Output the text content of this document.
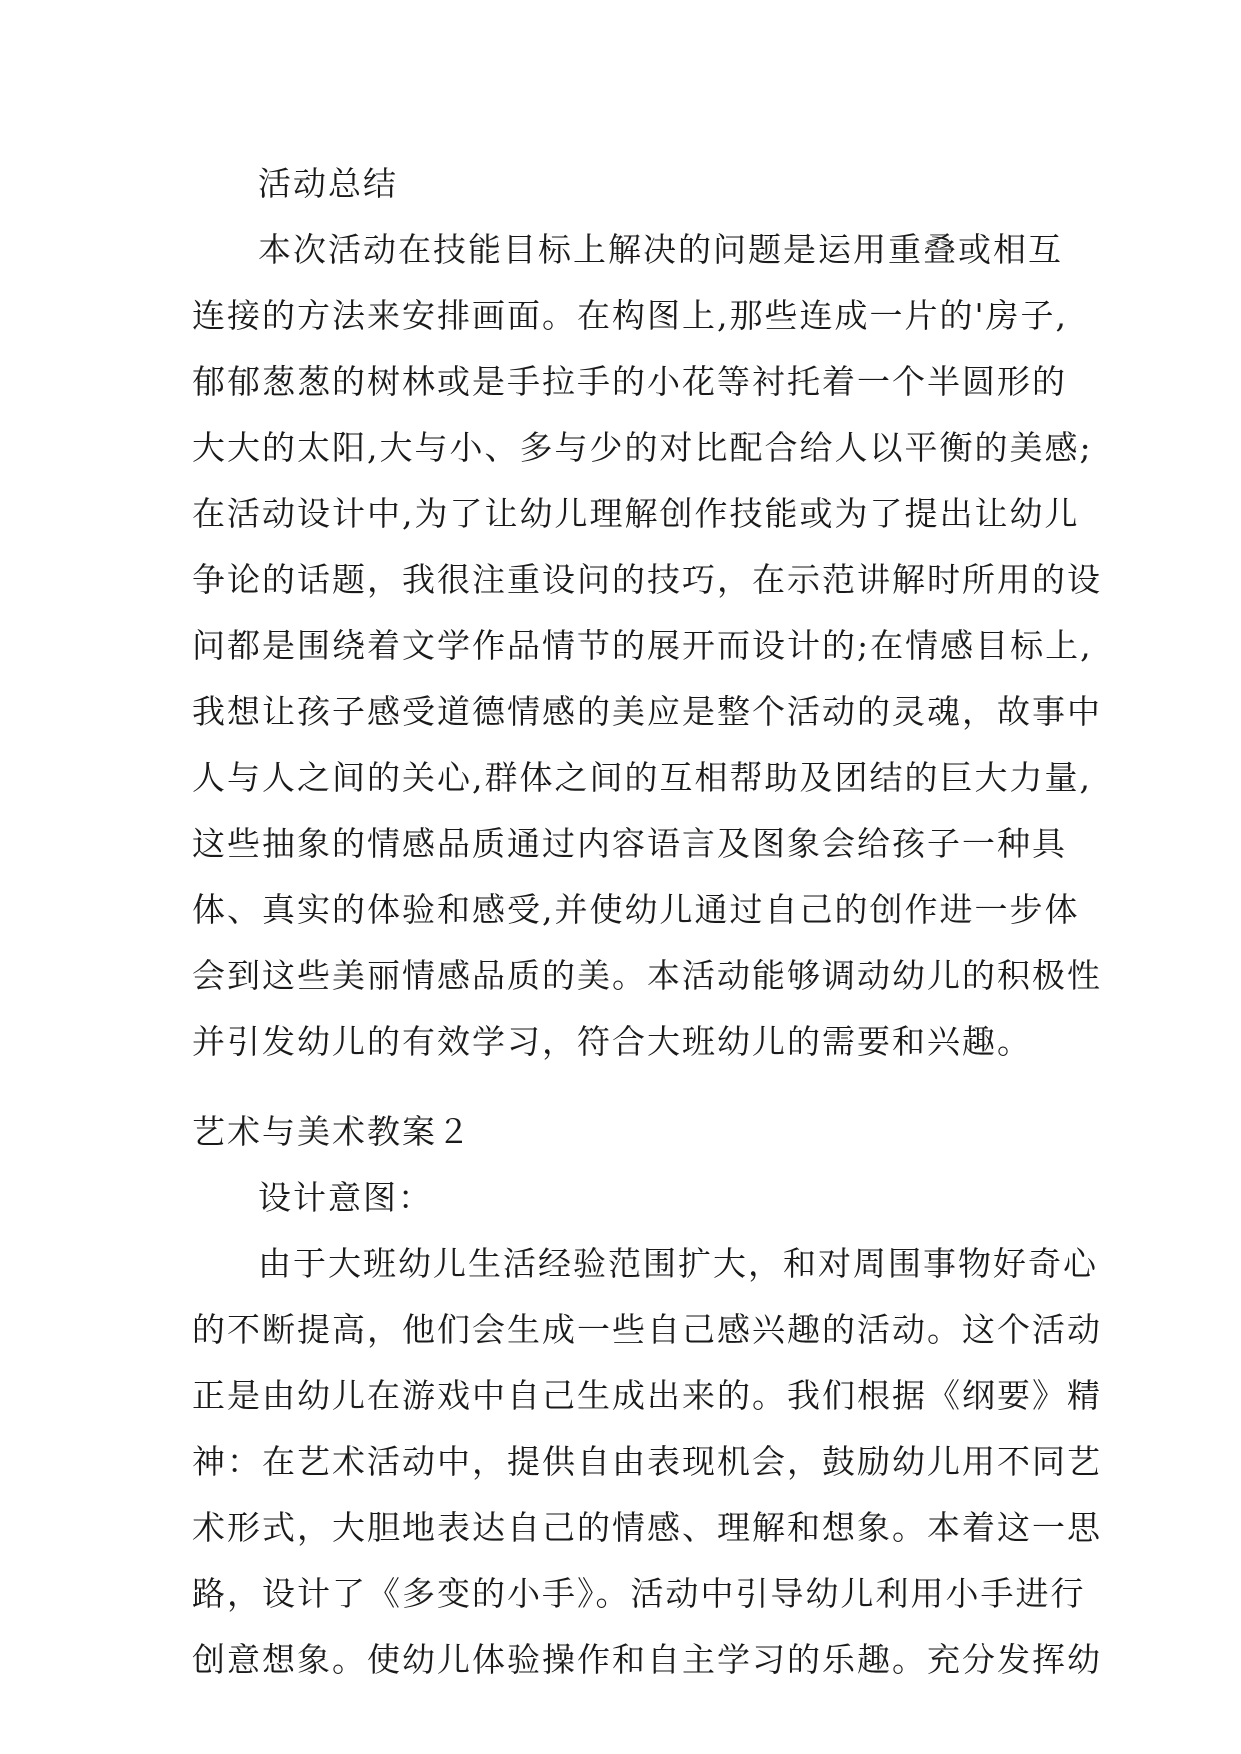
活动总结
本次活动在技能目标上解决的问题是运用重叠或相互
连接的方法来安排画面。在构图上,那些连成一片的'房子,
郁郁葱葱的树林或是手拉手的小花等衬托着一个半圆形的
大大的太阳,大与小、多与少的对比配合给人以平衡的美感;
在活动设计中,为了让幼儿理解创作技能或为了提出让幼儿
争论的话题，我很注重设问的技巧，在示范讲解时所用的设
问都是围绕着文学作品情节的展开而设计的;在情感目标上,
我想让孩子感受道德情感的美应是整个活动的灵魂，故事中
人与人之间的关心,群体之间的互相帮助及团结的巨大力量,
这些抽象的情感品质通过内容语言及图象会给孩子一种具
体、真实的体验和感受,并使幼儿通过自己的创作进一步体
会到这些美丽情感品质的美。本活动能够调动幼儿的积极性
并引发幼儿的有效学习，符合大班幼儿的需要和兴趣。
艺术与美术教案２
设计意图：
由于大班幼儿生活经验范围扩大，和对周围事物好奇心
的不断提高，他们会生成一些自己感兴趣的活动。这个活动
正是由幼儿在游戏中自己生成出来的。我们根据《纲要》精
神：在艺术活动中，提供自由表现机会，鼓励幼儿用不同艺
术形式，大胆地表达自己的情感、理解和想象。本着这一思
路，设计了《多变的小手》。活动中引导幼儿利用小手进行
创意想象。使幼儿体验操作和自主学习的乐趣。充分发挥幼
